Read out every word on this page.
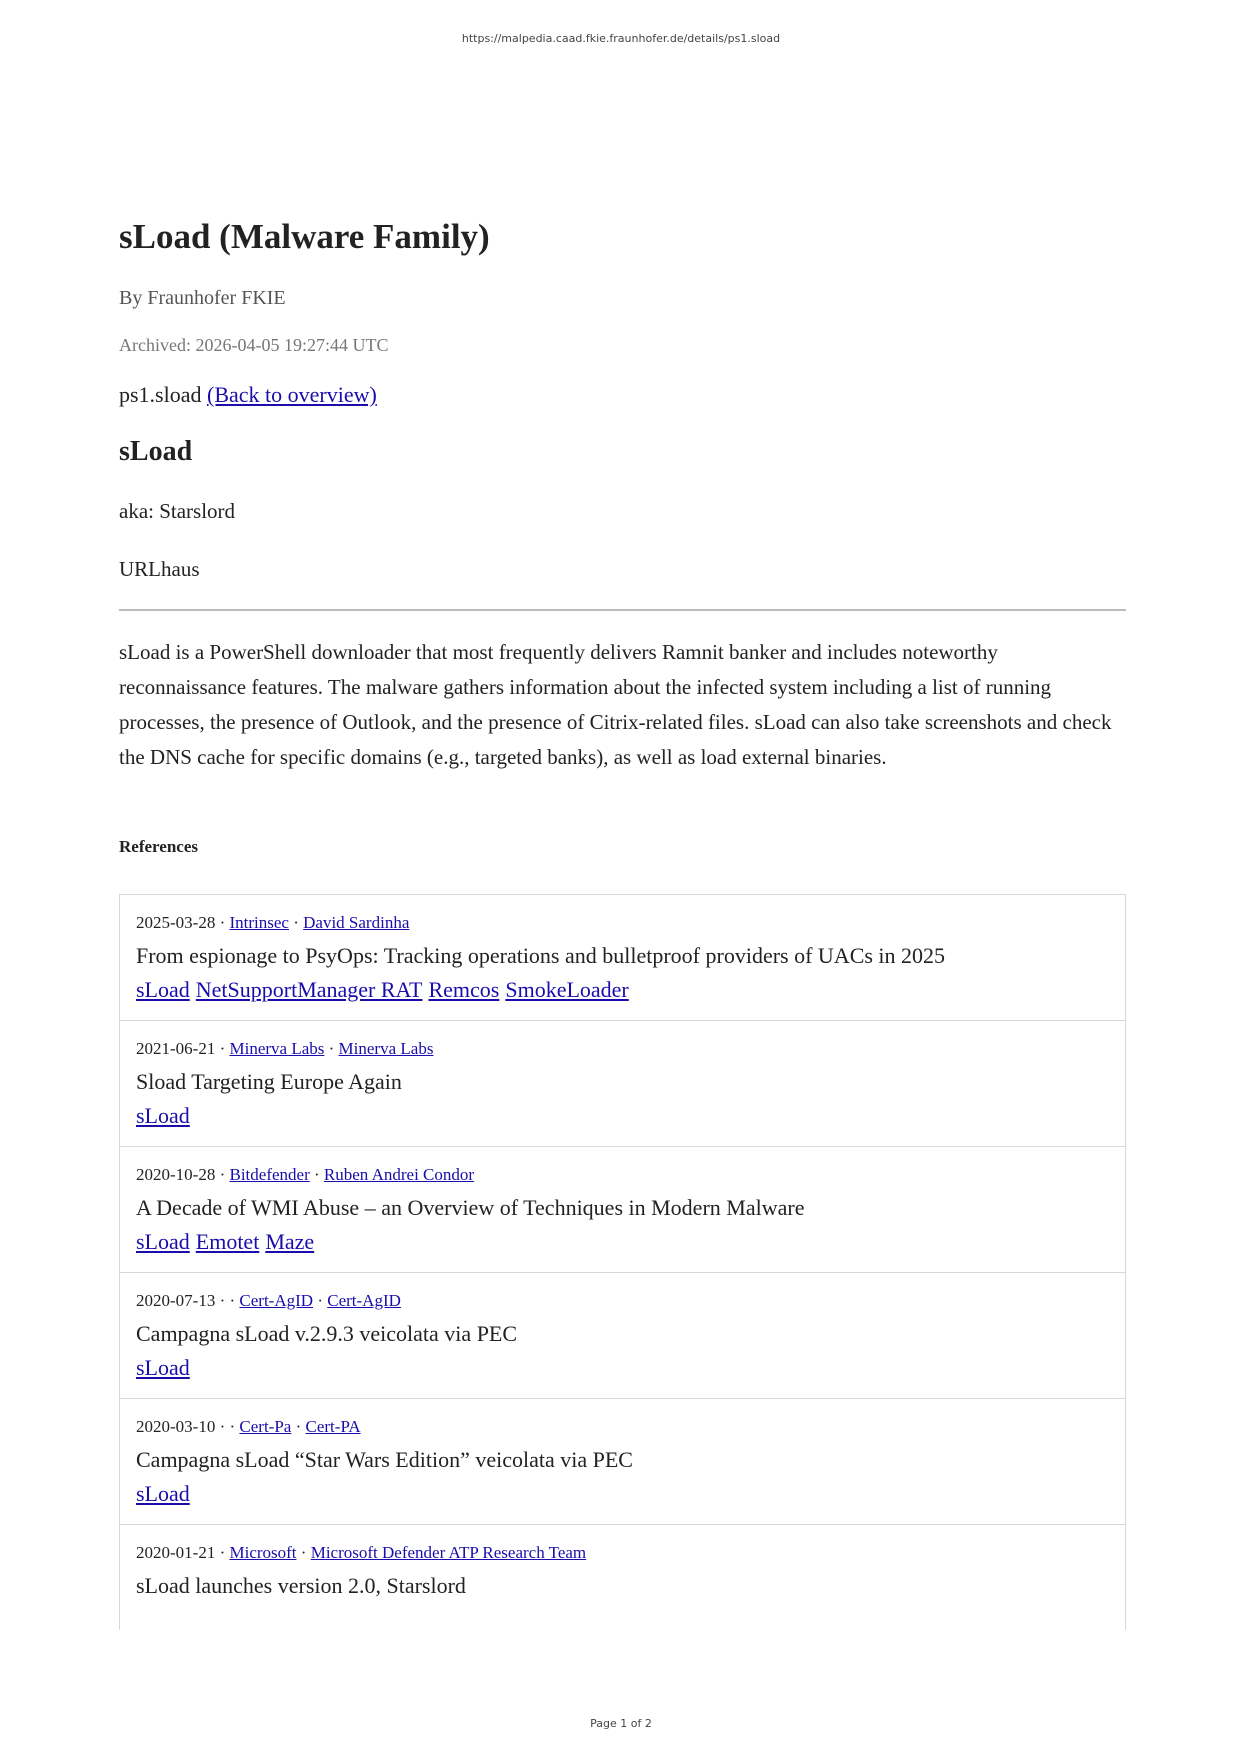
https://malpedia.caad.fkie.fraunhofer.de/details/ps1.sload
sLoad (Malware Family)
By Fraunhofer FKIE
Archived: 2026-04-05 19:27:44 UTC
ps1.sload (Back to overview)
sLoad
aka: Starslord
URLhaus
sLoad is a PowerShell downloader that most frequently delivers Ramnit banker and includes noteworthy reconnaissance features. The malware gathers information about the infected system including a list of running processes, the presence of Outlook, and the presence of Citrix-related files. sLoad can also take screenshots and check the DNS cache for specific domains (e.g., targeted banks), as well as load external binaries.
References
2025-03-28 · Intrinsec · David Sardinha
From espionage to PsyOps: Tracking operations and bulletproof providers of UACs in 2025
sLoad NetSupportManager RAT Remcos SmokeLoader
2021-06-21 · Minerva Labs · Minerva Labs
Sload Targeting Europe Again
sLoad
2020-10-28 · Bitdefender · Ruben Andrei Condor
A Decade of WMI Abuse – an Overview of Techniques in Modern Malware
sLoad Emotet Maze
2020-07-13 · · Cert-AgID · Cert-AgID
Campagna sLoad v.2.9.3 veicolata via PEC
sLoad
2020-03-10 · · Cert-Pa · Cert-PA
Campagna sLoad “Star Wars Edition” veicolata via PEC
sLoad
2020-01-21 · Microsoft · Microsoft Defender ATP Research Team
sLoad launches version 2.0, Starslord
Page 1 of 2
